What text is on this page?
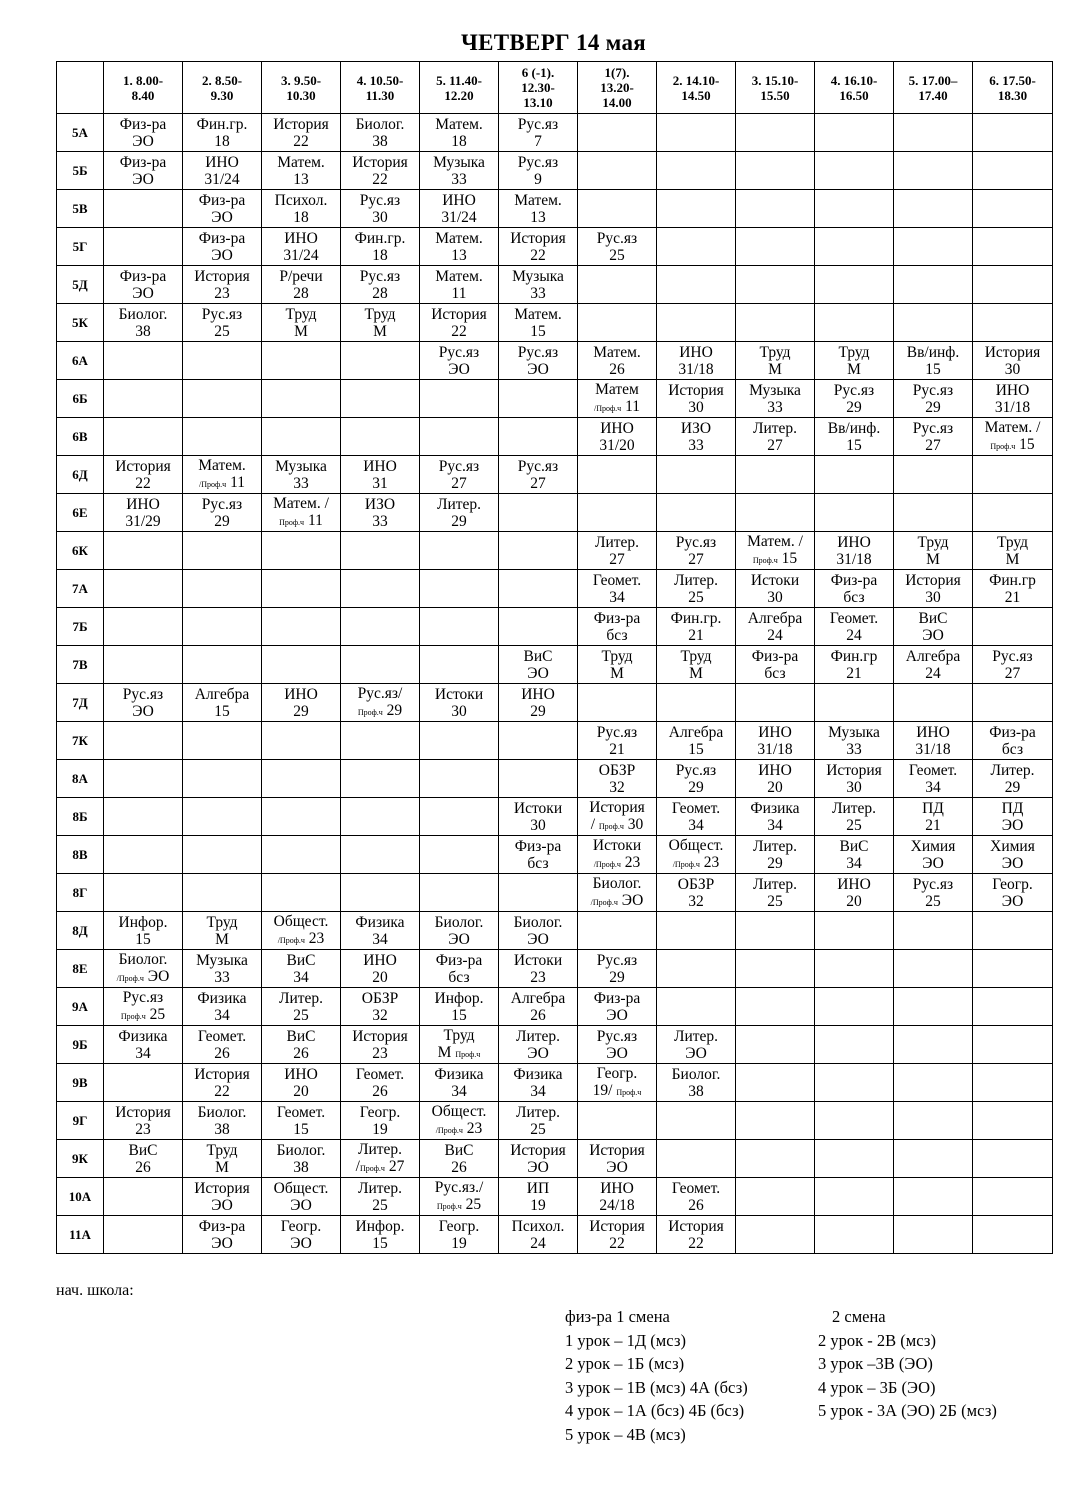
ЧЕТВЕРГ 14 мая

	1. 8.00-
8.40	2. 8.50-
9.30	3. 9.50-
10.30	4. 10.50-
11.30	5. 11.40-
12.20	6 (-1).
12.30-
13.10	1(7).
13.20-
14.00	2. 14.10-
14.50	3. 15.10-
15.50	4. 16.10-
16.50	5. 17.00–
17.40	6. 17.50-
18.30

5А	Физ-ра
ЭО	Фин.гр.
18	История
22	Биолог.
38	Матем.
18	Рус.яз
7						

5Б	Физ-ра
ЭО	ИНО
31/24	Матем.
13	История
22	Музыка
33	Рус.яз
9						

5В		Физ-ра
ЭО	Психол.
18	Рус.яз
30	ИНО
31/24	Матем.
13						

5Г		Физ-ра
ЭО	ИНО
31/24	Фин.гр.
18	Матем.
13	История
22	Рус.яз
25					

5Д	Физ-ра
ЭО	История
23	Р/речи
28	Рус.яз
28	Матем.
11	Музыка
33						

5К	Биолог.
38	Рус.яз
25	Труд
М	Труд
М	История
22	Матем.
15						

6А					Рус.яз
ЭО	Рус.яз
ЭО	Матем.
26	ИНО
31/18	Труд
М	Труд
М	Вв/инф.
15	История
30

6Б							Матем
/Проф.ч 11	История
30	Музыка
33	Рус.яз
29	Рус.яз
29	ИНО
31/18

6В							ИНО
31/20	ИЗО
33	Литер.
27	Вв/инф.
15	Рус.яз
27	Матем. /
Проф.ч 15

6Д	История
22	Матем.
/Проф.ч 11	Музыка
33	ИНО
31	Рус.яз
27	Рус.яз
27						

6Е	ИНО
31/29	Рус.яз
29	Матем. /
Проф.ч 11	ИЗО
33	Литер.
29							

6К							Литер.
27	Рус.яз
27	Матем. /
Проф.ч 15	ИНО
31/18	Труд
М	Труд
М

7А							Геомет.
34	Литер.
25	Истоки
30	Физ-ра
бсз	История
30	Фин.гр
21

7Б							Физ-ра
бсз	Фин.гр.
21	Алгебра
24	Геомет.
24	ВиС
ЭО	

7В						ВиС
ЭО	Труд
М	Труд
М	Физ-ра
бсз	Фин.гр
21	Алгебра
24	Рус.яз
27

7Д	Рус.яз
ЭО	Алгебра
15	ИНО
29	Рус.яз/
Проф.ч 29	Истоки
30	ИНО
29						

7К							Рус.яз
21	Алгебра
15	ИНО
31/18	Музыка
33	ИНО
31/18	Физ-ра
бсз

8А							ОБЗР
32	Рус.яз
29	ИНО
20	История
30	Геомет.
34	Литер.
29

8Б						Истоки
30	История
/ Проф.ч 30	Геомет.
34	Физика
34	Литер.
25	ПД
21	ПД
ЭО

8В						Физ-ра
бсз	Истоки
/Проф.ч 23	Общест.
/Проф.ч 23	Литер.
29	ВиС
34	Химия
ЭО	Химия
ЭО

8Г							Биолог.
/Проф.ч ЭО	ОБЗР
32	Литер.
25	ИНО
20	Рус.яз
25	Геогр.
ЭО

8Д	Инфор.
15	Труд
М	Общест.
/Проф.ч 23	Физика
34	Биолог.
ЭО	Биолог.
ЭО						

8Е	Биолог.
/Проф.ч ЭО	Музыка
33	ВиС
34	ИНО
20	Физ-ра
бсз	Истоки
23	Рус.яз
29					

9А	Рус.яз
Проф.ч 25	Физика
34	Литер.
25	ОБЗР
32	Инфор.
15	Алгебра
26	Физ-ра
ЭО					

9Б	Физика
34	Геомет.
26	ВиС
26	История
23	Труд
М Проф.ч	Литер.
ЭО	Рус.яз
ЭО	Литер.
ЭО				

9В		История
22	ИНО
20	Геомет.
26	Физика
34	Физика
34	Геогр.
19/ Проф.ч	Биолог.
38				

9Г	История
23	Биолог.
38	Геомет.
15	Геогр.
19	Общест.
/Проф.ч 23	Литер.
25						

9К	ВиС
26	Труд
М	Биолог.
38	Литер.
/Проф.ч 27	ВиС
26	История
ЭО	История
ЭО					

10А		История
ЭО	Общест.
ЭО	Литер.
25	Рус.яз./
Проф.ч 25	ИП
19	ИНО
24/18	Геомет.
26				

11А		Физ-ра
ЭО	Геогр.
ЭО	Инфор.
15	Геогр.
19	Психол.
24	История
22	История
22				

нач. школа:
физ-ра 1 смена
1 урок – 1Д (мсз)
2 урок – 1Б (мсз)
3 урок – 1В (мсз) 4А (бсз)
4 урок – 1А (бсз) 4Б (бсз)
5 урок – 4В (мсз)
2 смена
2 урок - 2В (мсз)
3 урок –3В (ЭО)
4 урок – 3Б (ЭО)
5 урок - 3А (ЭО) 2Б (мсз)
